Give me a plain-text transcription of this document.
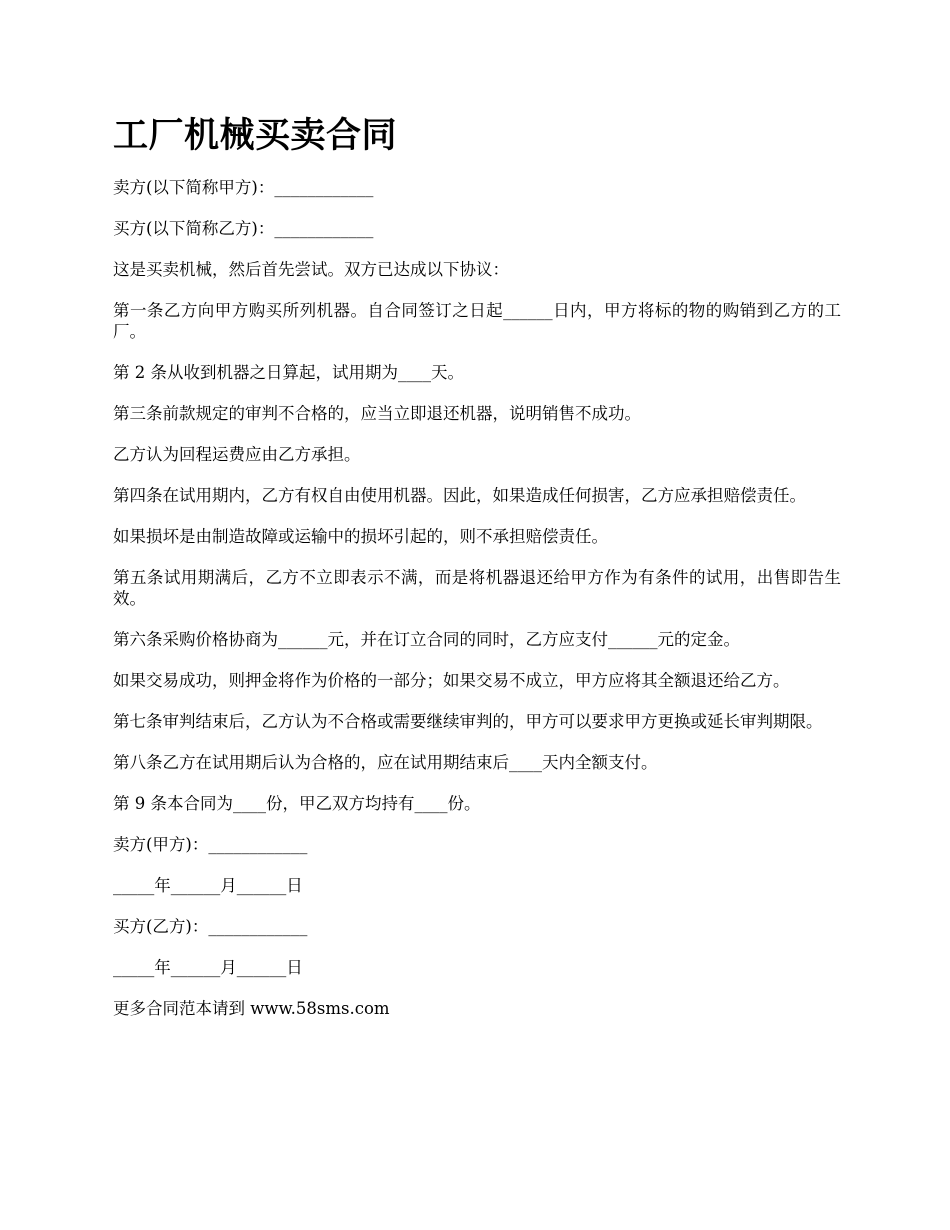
工厂机械买卖合同

卖方(以下简称甲方)：____________

买方(以下简称乙方)：____________

这是买卖机械，然后首先尝试。双方已达成以下协议：

第一条乙方向甲方购买所列机器。自合同签订之日起______日内，甲方将标的物的购销到乙方的工厂。

第 2 条从收到机器之日算起，试用期为____天。

第三条前款规定的审判不合格的，应当立即退还机器，说明销售不成功。

乙方认为回程运费应由乙方承担。

第四条在试用期内，乙方有权自由使用机器。因此，如果造成任何损害，乙方应承担赔偿责任。

如果损坏是由制造故障或运输中的损坏引起的，则不承担赔偿责任。

第五条试用期满后，乙方不立即表示不满，而是将机器退还给甲方作为有条件的试用，出售即告生效。

第六条采购价格协商为______元，并在订立合同的同时，乙方应支付______元的定金。

如果交易成功，则押金将作为价格的一部分；如果交易不成立，甲方应将其全额退还给乙方。

第七条审判结束后，乙方认为不合格或需要继续审判的，甲方可以要求甲方更换或延长审判期限。

第八条乙方在试用期后认为合格的，应在试用期结束后____天内全额支付。

第 9 条本合同为____份，甲乙双方均持有____份。

卖方(甲方)：____________

_____年______月______日

买方(乙方)：____________

_____年______月______日

更多合同范本请到 www.58sms.com
